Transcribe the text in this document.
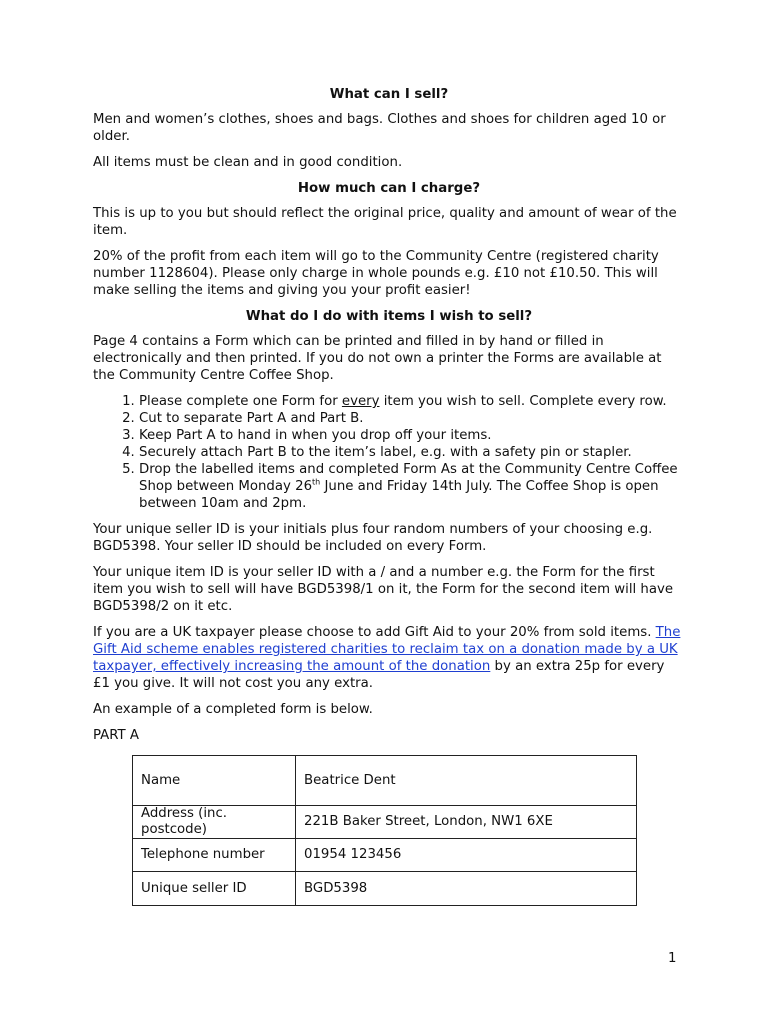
What can I sell?

Men and women’s clothes, shoes and bags. Clothes and shoes for children aged 10 or older.

All items must be clean and in good condition.

How much can I charge?

This is up to you but should reflect the original price, quality and amount of wear of the item.

20% of the profit from each item will go to the Community Centre (registered charity number 1128604). Please only charge in whole pounds e.g. £10 not £10.50. This will make selling the items and giving you your profit easier!

What do I do with items I wish to sell?

Page 4 contains a Form which can be printed and filled in by hand or filled in electronically and then printed. If you do not own a printer the Forms are available at the Community Centre Coffee Shop.

1. Please complete one Form for every item you wish to sell. Complete every row.
2. Cut to separate Part A and Part B.
3. Keep Part A to hand in when you drop off your items.
4. Securely attach Part B to the item’s label, e.g. with a safety pin or stapler.
5. Drop the labelled items and completed Form As at the Community Centre Coffee Shop between Monday 26th June and Friday 14th July. The Coffee Shop is open between 10am and 2pm.

Your unique seller ID is your initials plus four random numbers of your choosing e.g. BGD5398. Your seller ID should be included on every Form.

Your unique item ID is your seller ID with a / and a number e.g. the Form for the first item you wish to sell will have BGD5398/1 on it, the Form for the second item will have BGD5398/2 on it etc.

If you are a UK taxpayer please choose to add Gift Aid to your 20% from sold items. The Gift Aid scheme enables registered charities to reclaim tax on a donation made by a UK taxpayer, effectively increasing the amount of the donation by an extra 25p for every £1 you give. It will not cost you any extra.

An example of a completed form is below.

PART A

Name	Beatrice Dent
Address (inc. postcode)	221B Baker Street, London, NW1 6XE
Telephone number	01954 123456
Unique seller ID	BGD5398
1
